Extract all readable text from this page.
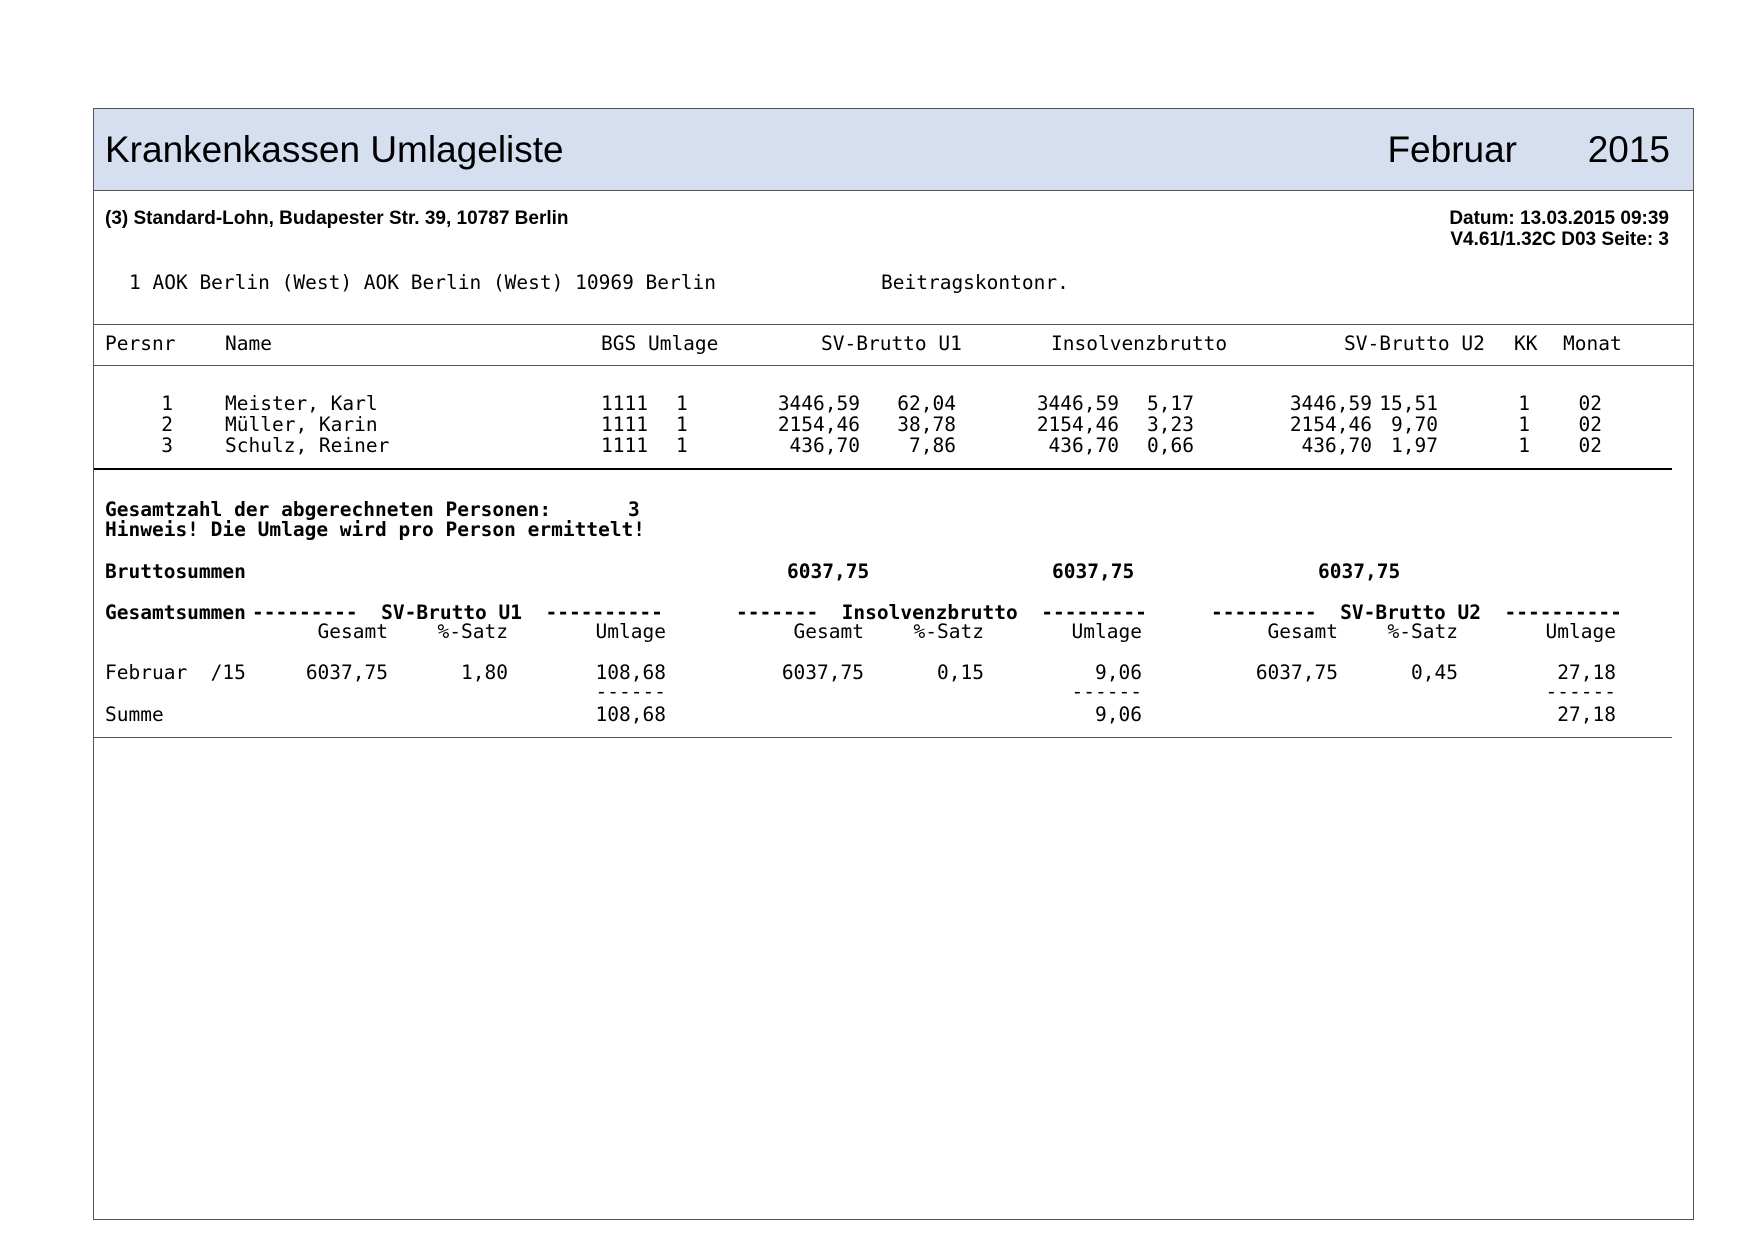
Krankenkassen Umlageliste	Februar 2015
(3) Standard-Lohn, Budapester Str. 39, 10787 Berlin	Datum: 13.03.2015 09:39
V4.61/1.32C D03 Seite: 3
1 AOK Berlin (West) AOK Berlin (West) 10969 Berlin	Beitragskontonr.
Persnr	Name	BGS Umlage	SV-Brutto U1	Insolvenzbrutto	SV-Brutto U2 KK Monat
1	Meister, Karl	1111 1	3446,59	62,04	3446,59	5,17	3446,59 15,51	1	02
2	Müller, Karin	1111 1	2154,46	38,78	2154,46	3,23	2154,46 9,70	1	02
3	Schulz, Reiner	1111 1	436,70	7,86	436,70	0,66	436,70 1,97	1	02
Gesamtzahl der abgerechneten Personen:	3
Hinweis! Die Umlage wird pro Person ermittelt!
Bruttosummen	6037,75	6037,75	6037,75
Gesamtsummen ---------  SV-Brutto U1  ----------	-------  Insolvenzbrutto  ---------	---------  SV-Brutto U2  ----------
Gesamt	%-Satz	Umlage	Gesamt	%-Satz	Umlage	Gesamt	%-Satz	Umlage
Februar  /15	6037,75	1,80	108,68	6037,75	0,15	9,06	6037,75	0,45	27,18
------	------	------
Summe	108,68	9,06	27,18
